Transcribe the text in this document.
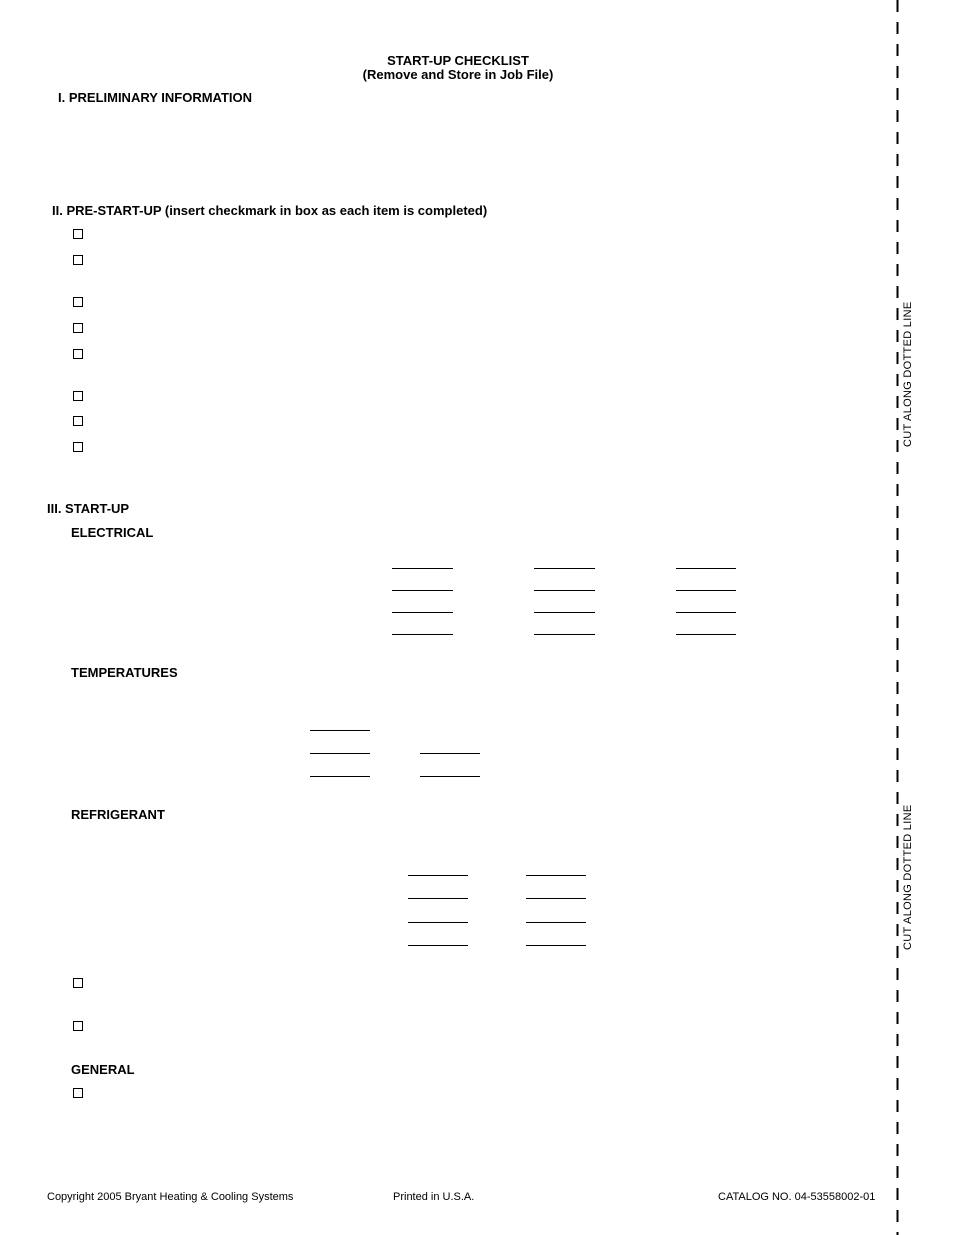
START-UP CHECKLIST
(Remove and Store in Job File)
I. PRELIMINARY INFORMATION
II. PRE-START-UP (insert checkmark in box as each item is completed)
III. START-UP
ELECTRICAL
TEMPERATURES
REFRIGERANT
GENERAL
Copyright 2005 Bryant Heating & Cooling Systems	Printed in U.S.A.	CATALOG NO. 04-53558002-01
CUT ALONG DOTTED LINE
CUT ALONG DOTTED LINE
